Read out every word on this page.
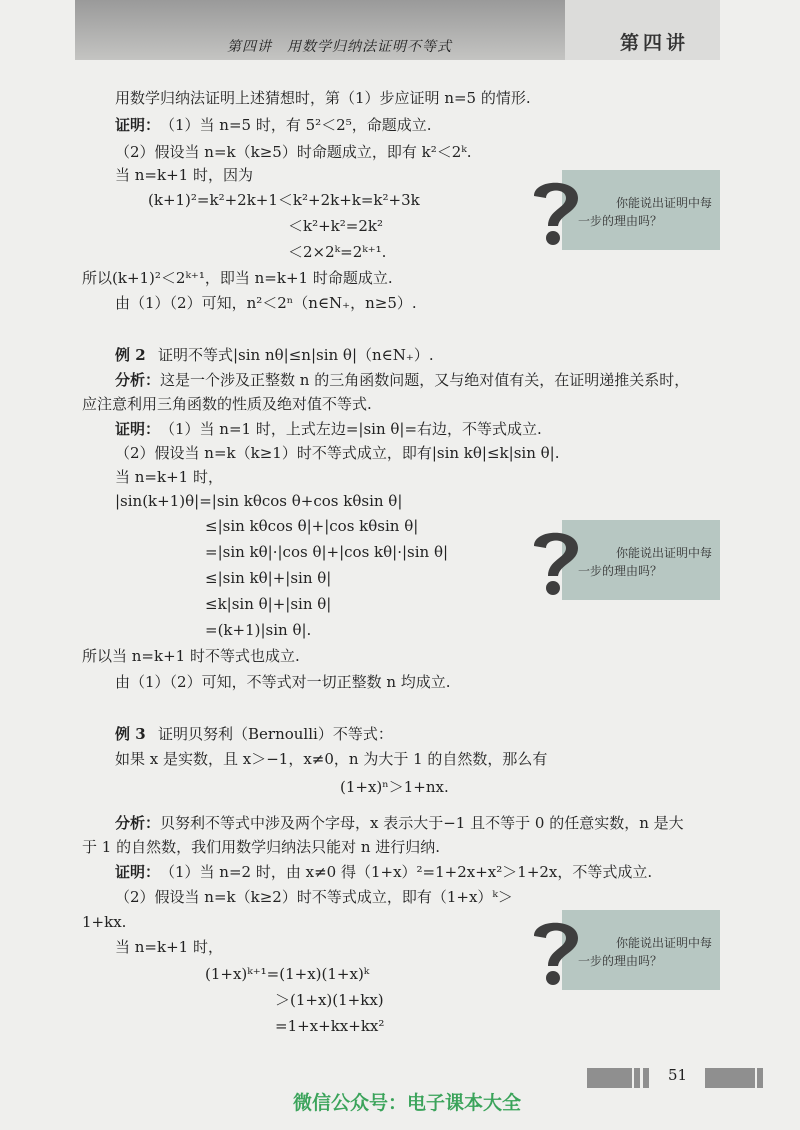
第四讲　用数学归纳法证明不等式	第四讲
用数学归纳法证明上述猜想时，第（1）步应证明 n=5 的情形.
证明： （1）当 n=5 时，有 5²＜2⁵，命题成立.
（2）假设当 n=k（k≥5）时命题成立，即有 k²＜2ᵏ.
当 n=k+1 时，因为
(k+1)²=k²+2k+1＜k²+2k+k=k²+3k
＜k²+k²=2k²
＜2×2ᵏ=2ᵏ⁺¹.
所以(k+1)²＜2ᵏ⁺¹，即当 n=k+1 时命题成立.
由（1）（2）可知，n²＜2ⁿ（n∈N₊，n≥5）.
例 2 证明不等式|sin nθ|≤n|sin θ|（n∈N₊）.
分析： 这是一个涉及正整数 n 的三角函数问题，又与绝对值有关，在证明递推关系时，
应注意利用三角函数的性质及绝对值不等式.
证明： （1）当 n=1 时，上式左边=|sin θ|=右边，不等式成立.
（2）假设当 n=k（k≥1）时不等式成立，即有|sin kθ|≤k|sin θ|.
当 n=k+1 时，
|sin(k+1)θ|=|sin kθcos θ+cos kθsin θ|
≤|sin kθcos θ|+|cos kθsin θ|
=|sin kθ|·|cos θ|+|cos kθ|·|sin θ|
≤|sin kθ|+|sin θ|
≤k|sin θ|+|sin θ|
=(k+1)|sin θ|.
所以当 n=k+1 时不等式也成立.
由（1）（2）可知，不等式对一切正整数 n 均成立.
例 3 证明贝努利（Bernoulli）不等式：
如果 x 是实数，且 x＞−1，x≠0，n 为大于 1 的自然数，那么有
(1+x)ⁿ＞1+nx.
分析： 贝努利不等式中涉及两个字母，x 表示大于−1 且不等于 0 的任意实数，n 是大
于 1 的自然数，我们用数学归纳法只能对 n 进行归纳.
证明： （1）当 n=2 时，由 x≠0 得（1+x）²=1+2x+x²＞1+2x，不等式成立.
（2）假设当 n=k（k≥2）时不等式成立，即有（1+x）ᵏ＞
1+kx.
当 n=k+1 时，
(1+x)ᵏ⁺¹=(1+x)(1+x)ᵏ
＞(1+x)(1+kx)
=1+x+kx+kx²
你能说出证明中每
一步的理由吗？
你能说出证明中每
一步的理由吗？
你能说出证明中每
一步的理由吗？
51
微信公众号：电子课本大全
